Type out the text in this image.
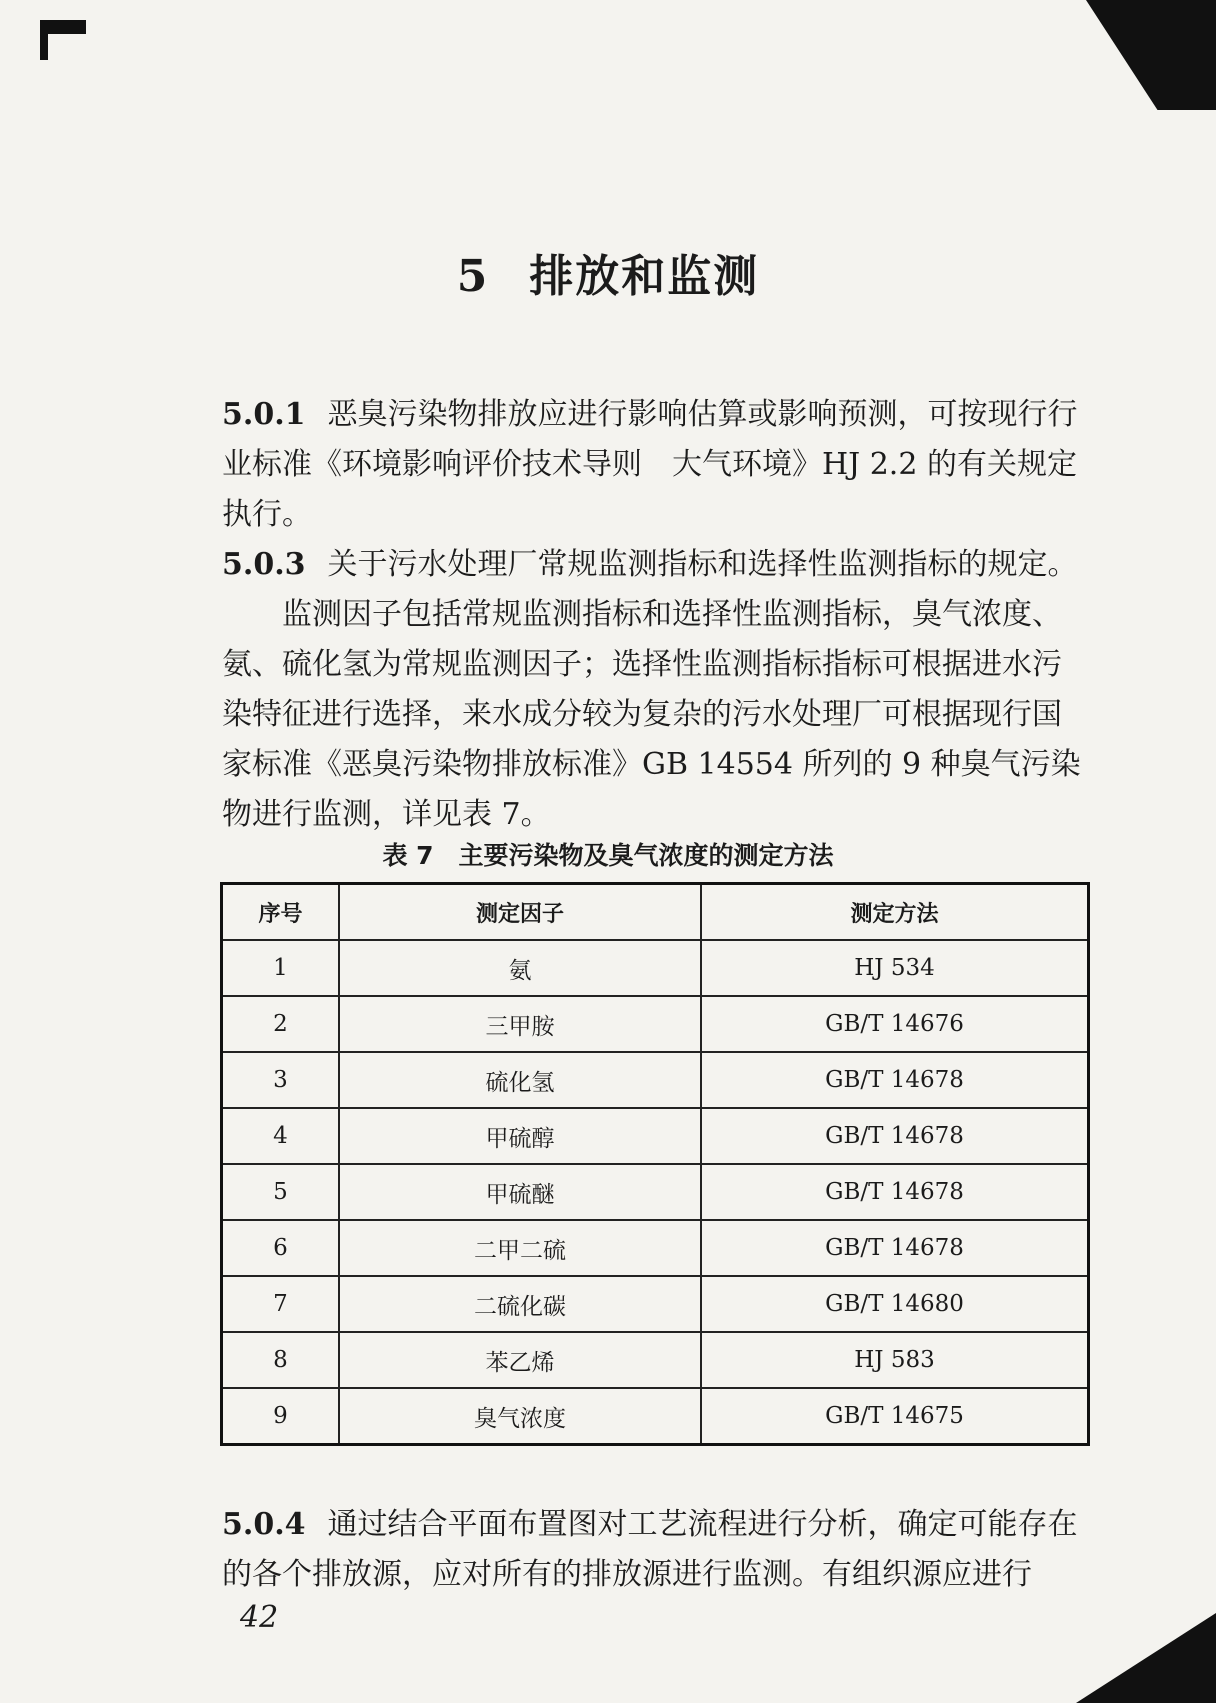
5 排放和监测

5.0.1 恶臭污染物排放应进行影响估算或影响预测，可按现行行业标准《环境影响评价技术导则　大气环境》HJ 2.2 的有关规定执行。

5.0.3 关于污水处理厂常规监测指标和选择性监测指标的规定。

监测因子包括常规监测指标和选择性监测指标，臭气浓度、氨、硫化氢为常规监测因子；选择性监测指标指标可根据进水污染特征进行选择，来水成分较为复杂的污水处理厂可根据现行国家标准《恶臭污染物排放标准》GB 14554 所列的 9 种臭气污染物进行监测，详见表 7。

表 7　主要污染物及臭气浓度的测定方法
序号	测定因子	测定方法
1	氨	HJ 534
2	三甲胺	GB/T 14676
3	硫化氢	GB/T 14678
4	甲硫醇	GB/T 14678
5	甲硫醚	GB/T 14678
6	二甲二硫	GB/T 14678
7	二硫化碳	GB/T 14680
8	苯乙烯	HJ 583
9	臭气浓度	GB/T 14675

5.0.4 通过结合平面布置图对工艺流程进行分析，确定可能存在的各个排放源，应对所有的排放源进行监测。有组织源应进行

42
